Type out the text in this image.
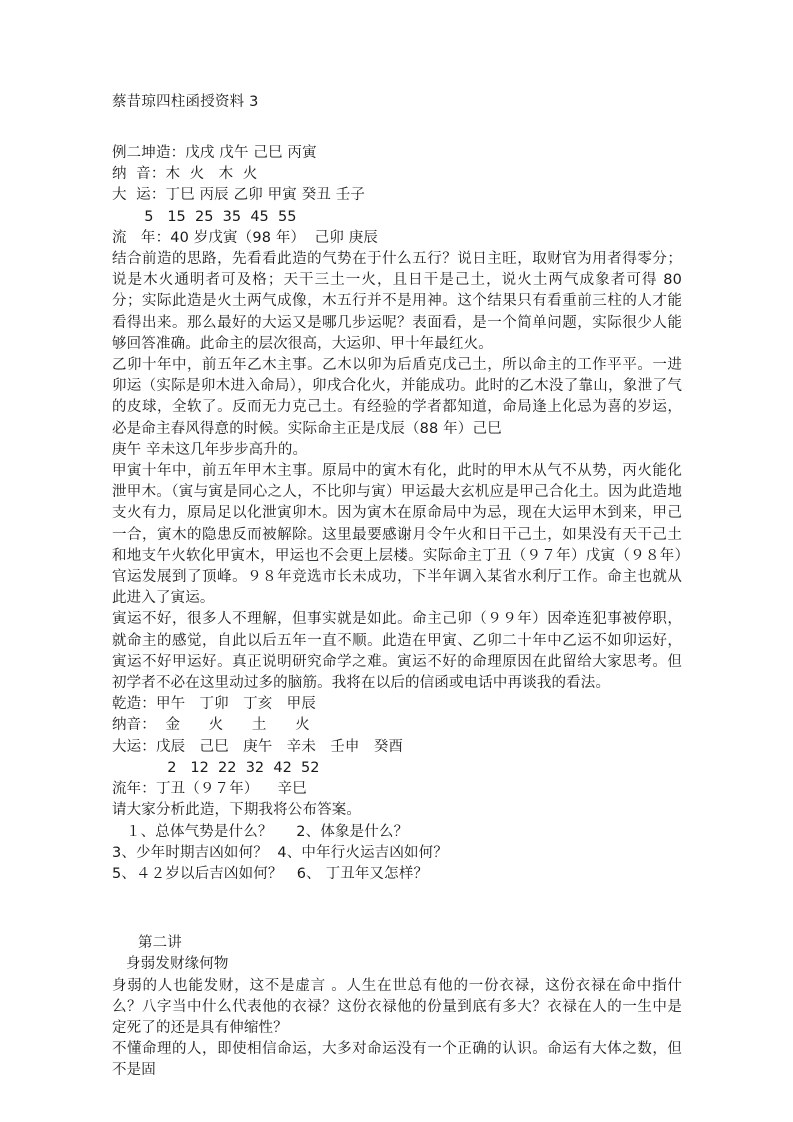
蔡昔琼四柱函授资料 3

例二坤造：戊戌 戊午 己巳 丙寅

纳  音：木  火   木  火

大  运：丁巳 丙辰 乙卯 甲寅 癸丑 壬子

5   15  25  35  45  55

流   年：40 岁戊寅（98 年）  己卯 庚辰

结合前造的思路，先看看此造的气势在于什么五行？说日主旺，取财官为用者得零分；说是木火通明者可及格；天干三土一火，且日干是己土，说火土两气成象者可得 80 分；实际此造是火土两气成像，木五行并不是用神。这个结果只有看重前三柱的人才能看得出来。那么最好的大运又是哪几步运呢？表面看，是一个简单问题，实际很少人能够回答准确。此命主的层次很高，大运卯、甲十年最红火。

乙卯十年中，前五年乙木主事。乙木以卯为后盾克戊己土，所以命主的工作平平。一进卯运（实际是卯木进入命局），卯戌合化火，并能成功。此时的乙木没了靠山，象泄了气的皮球，全软了。反而无力克己土。有经验的学者都知道，命局逢上化忌为喜的岁运，必是命主春风得意的时候。实际命主正是戊辰（88 年）己巳

庚午 辛未这几年步步高升的。

甲寅十年中，前五年甲木主事。原局中的寅木有化，此时的甲木从气不从势，丙火能化泄甲木。（寅与寅是同心之人，不比卯与寅）甲运最大玄机应是甲己合化土。因为此造地支火有力，原局足以化泄寅卯木。因为寅木在原命局中为忌，现在大运甲木到来，甲己一合，寅木的隐患反而被解除。这里最要感谢月令午火和日干己土，如果没有天干己土和地支午火软化甲寅木，甲运也不会更上层楼。实际命主丁丑（９７年）戊寅（９８年）官运发展到了顶峰。９８年竞选市长未成功，下半年调入某省水利厅工作。命主也就从此进入了寅运。

寅运不好，很多人不理解，但事实就是如此。命主己卯（９９年）因牵连犯事被停职，就命主的感觉，自此以后五年一直不顺。此造在甲寅、乙卯二十年中乙运不如卯运好，寅运不好甲运好。真正说明研究命学之难。寅运不好的命理原因在此留给大家思考。但初学者不必在这里动过多的脑筋。我将在以后的信函或电话中再谈我的看法。

乾造：甲午   丁卯   丁亥   甲辰

纳音：  金      火      土      火

大运：戊辰   己巳   庚午   辛未   壬申   癸酉

2   12  22  32  42  52

流年：丁丑（９７年）    辛巳

请大家分析此造，下期我将公布答案。

１、总体气势是什么？     2、体象是什么？

3、少年时期吉凶如何？  4、中年行火运吉凶如何？

5、４２岁以后吉凶如何？   6、 丁丑年又怎样？

第二讲

身弱发财缘何物

身弱的人也能发财，这不是虚言 。人生在世总有他的一份衣禄，这份衣禄在命中指什么？八字当中什么代表他的衣禄？这份衣禄他的份量到底有多大？衣禄在人的一生中是定死了的还是具有伸缩性？

不懂命理的人，即使相信命运，大多对命运没有一个正确的认识。命运有大体之数，但不是固
